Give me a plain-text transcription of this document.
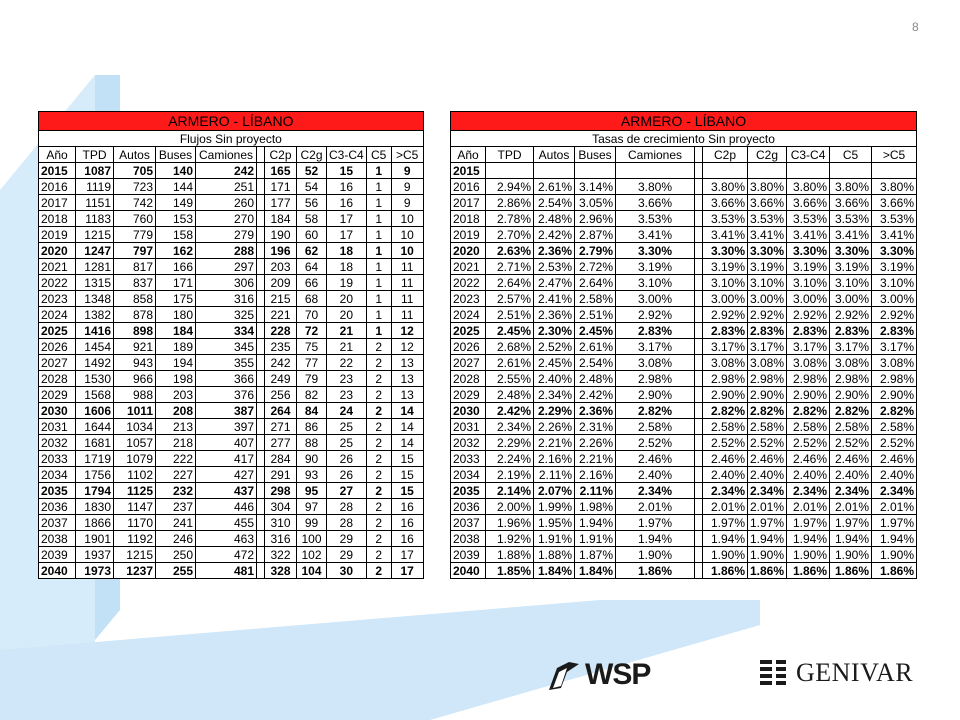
8
ARMERO - LÍBANO										
Flujos Sin proyecto										
Año	TPD	Autos	Buses	Camiones		C2p	C2g	C3-C4	C5	>C5
2015	1087	705	140	242		165	52	15	1	9
2016	1119	723	144	251		171	54	16	1	9
2017	1151	742	149	260		177	56	16	1	9
2018	1183	760	153	270		184	58	17	1	10
2019	1215	779	158	279		190	60	17	1	10
2020	1247	797	162	288		196	62	18	1	10
2021	1281	817	166	297		203	64	18	1	11
2022	1315	837	171	306		209	66	19	1	11
2023	1348	858	175	316		215	68	20	1	11
2024	1382	878	180	325		221	70	20	1	11
2025	1416	898	184	334		228	72	21	1	12
2026	1454	921	189	345		235	75	21	2	12
2027	1492	943	194	355		242	77	22	2	13
2028	1530	966	198	366		249	79	23	2	13
2029	1568	988	203	376		256	82	23	2	13
2030	1606	1011	208	387		264	84	24	2	14
2031	1644	1034	213	397		271	86	25	2	14
2032	1681	1057	218	407		277	88	25	2	14
2033	1719	1079	222	417		284	90	26	2	15
2034	1756	1102	227	427		291	93	26	2	15
2035	1794	1125	232	437		298	95	27	2	15
2036	1830	1147	237	446		304	97	28	2	16
2037	1866	1170	241	455		310	99	28	2	16
2038	1901	1192	246	463		316	100	29	2	16
2039	1937	1215	250	472		322	102	29	2	17
2040	1973	1237	255	481		328	104	30	2	17
ARMERO - LÍBANO										
Tasas de crecimiento Sin proyecto										
Año	TPD	Autos	Buses	Camiones		C2p	C2g	C3-C4	C5	>C5
2015										
2016	2.94%	2.61%	3.14%	3.80%		3.80%	3.80%	3.80%	3.80%	3.80%
2017	2.86%	2.54%	3.05%	3.66%		3.66%	3.66%	3.66%	3.66%	3.66%
2018	2.78%	2.48%	2.96%	3.53%		3.53%	3.53%	3.53%	3.53%	3.53%
2019	2.70%	2.42%	2.87%	3.41%		3.41%	3.41%	3.41%	3.41%	3.41%
2020	2.63%	2.36%	2.79%	3.30%		3.30%	3.30%	3.30%	3.30%	3.30%
2021	2.71%	2.53%	2.72%	3.19%		3.19%	3.19%	3.19%	3.19%	3.19%
2022	2.64%	2.47%	2.64%	3.10%		3.10%	3.10%	3.10%	3.10%	3.10%
2023	2.57%	2.41%	2.58%	3.00%		3.00%	3.00%	3.00%	3.00%	3.00%
2024	2.51%	2.36%	2.51%	2.92%		2.92%	2.92%	2.92%	2.92%	2.92%
2025	2.45%	2.30%	2.45%	2.83%		2.83%	2.83%	2.83%	2.83%	2.83%
2026	2.68%	2.52%	2.61%	3.17%		3.17%	3.17%	3.17%	3.17%	3.17%
2027	2.61%	2.45%	2.54%	3.08%		3.08%	3.08%	3.08%	3.08%	3.08%
2028	2.55%	2.40%	2.48%	2.98%		2.98%	2.98%	2.98%	2.98%	2.98%
2029	2.48%	2.34%	2.42%	2.90%		2.90%	2.90%	2.90%	2.90%	2.90%
2030	2.42%	2.29%	2.36%	2.82%		2.82%	2.82%	2.82%	2.82%	2.82%
2031	2.34%	2.26%	2.31%	2.58%		2.58%	2.58%	2.58%	2.58%	2.58%
2032	2.29%	2.21%	2.26%	2.52%		2.52%	2.52%	2.52%	2.52%	2.52%
2033	2.24%	2.16%	2.21%	2.46%		2.46%	2.46%	2.46%	2.46%	2.46%
2034	2.19%	2.11%	2.16%	2.40%		2.40%	2.40%	2.40%	2.40%	2.40%
2035	2.14%	2.07%	2.11%	2.34%		2.34%	2.34%	2.34%	2.34%	2.34%
2036	2.00%	1.99%	1.98%	2.01%		2.01%	2.01%	2.01%	2.01%	2.01%
2037	1.96%	1.95%	1.94%	1.97%		1.97%	1.97%	1.97%	1.97%	1.97%
2038	1.92%	1.91%	1.91%	1.94%		1.94%	1.94%	1.94%	1.94%	1.94%
2039	1.88%	1.88%	1.87%	1.90%		1.90%	1.90%	1.90%	1.90%	1.90%
2040	1.85%	1.84%	1.84%	1.86%		1.86%	1.86%	1.86%	1.86%	1.86%
WSP	GENIVAR
